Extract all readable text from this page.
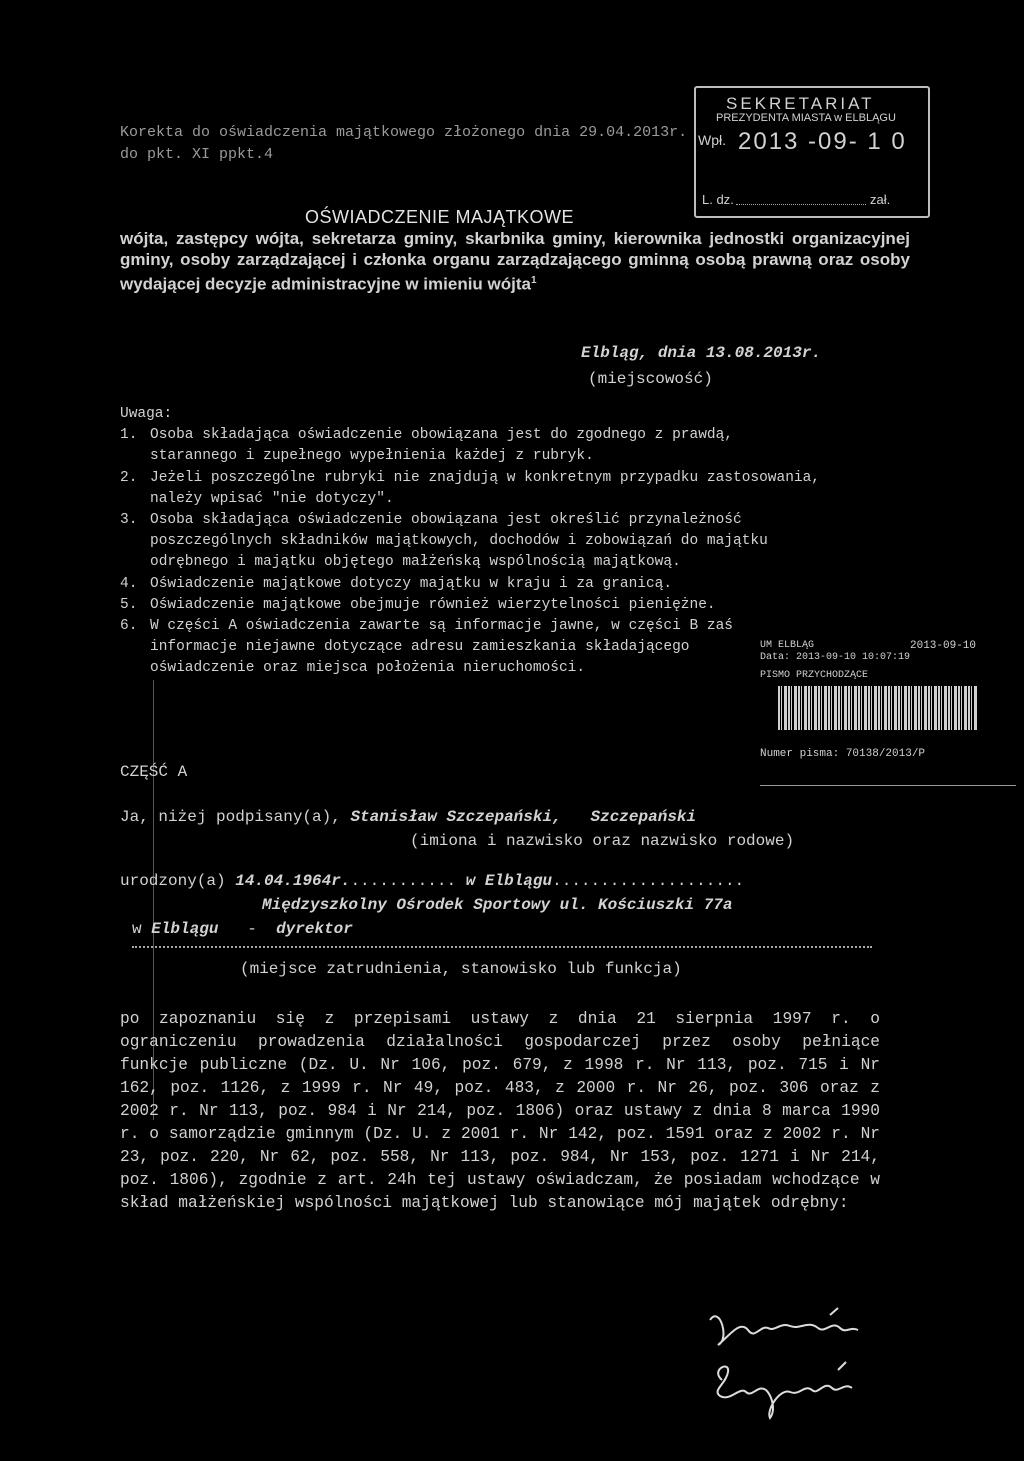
Korekta do oświadczenia majątkowego złożonego dnia 29.04.2013r.
do pkt. XI ppkt.4
SEKRETARIAT
PREZYDENTA MIASTA w ELBLĄGU
Wpł. 2013 -09- 1 0
L. dz.	zał.
OŚWIADCZENIE MAJĄTKOWE
wójta, zastępcy wójta, sekretarza gminy, skarbnika gminy, kierownika jednostki organizacyjnej gminy, osoby zarządzającej i członka organu zarządzającego gminną osobą prawną oraz osoby wydającej decyzje administracyjne w imieniu wójta$^1$
Elbląg, dnia 13.08.2013r.
(miejscowość)
Uwaga:
1. Osoba składająca oświadczenie obowiązana jest do zgodnego z prawdą, starannego i zupełnego wypełnienia każdej z rubryk.
2. Jeżeli poszczególne rubryki nie znajdują w konkretnym przypadku zastosowania, należy wpisać "nie dotyczy".
3. Osoba składająca oświadczenie obowiązana jest określić przynależność poszczególnych składników majątkowych, dochodów i zobowiązań do majątku odrębnego i majątku objętego małżeńską wspólnością majątkową.
4. Oświadczenie majątkowe dotyczy majątku w kraju i za granicą.
5. Oświadczenie majątkowe obejmuje również wierzytelności pieniężne.
6. W części A oświadczenia zawarte są informacje jawne, w części B zaś informacje niejawne dotyczące adresu zamieszkania składającego oświadczenie oraz miejsca położenia nieruchomości.
UM ELBLĄG	2013-09-10
Data: 2013-09-10 10:07:19
PISMO PRZYCHODZĄCE
Numer pisma: 70138/2013/P
CZĘŚĆ A
Ja, niżej podpisany(a), Stanisław Szczepański, Szczepański
(imiona i nazwisko oraz nazwisko rodowe)
urodzony(a) 14.04.1964r............ w Elblągu....................
Międzyszkolny Ośrodek Sportowy ul. Kościuszki 77a
w Elblągu - dyrektor
(miejsce zatrudnienia, stanowisko lub funkcja)
po zapoznaniu się z przepisami ustawy z dnia 21 sierpnia 1997 r. o ograniczeniu prowadzenia działalności gospodarczej przez osoby pełniące funkcje publiczne (Dz. U. Nr 106, poz. 679, z 1998 r. Nr 113, poz. 715 i Nr 162, poz. 1126, z 1999 r. Nr 49, poz. 483, z 2000 r. Nr 26, poz. 306 oraz z 2002 r. Nr 113, poz. 984 i Nr 214, poz. 1806) oraz ustawy z dnia 8 marca 1990 r. o samorządzie gminnym (Dz. U. z 2001 r. Nr 142, poz. 1591 oraz z 2002 r. Nr 23, poz. 220, Nr 62, poz. 558, Nr 113, poz. 984, Nr 153, poz. 1271 i Nr 214, poz. 1806), zgodnie z art. 24h tej ustawy oświadczam, że posiadam wchodzące w skład małżeńskiej wspólności majątkowej lub stanowiące mój majątek odrębny:
